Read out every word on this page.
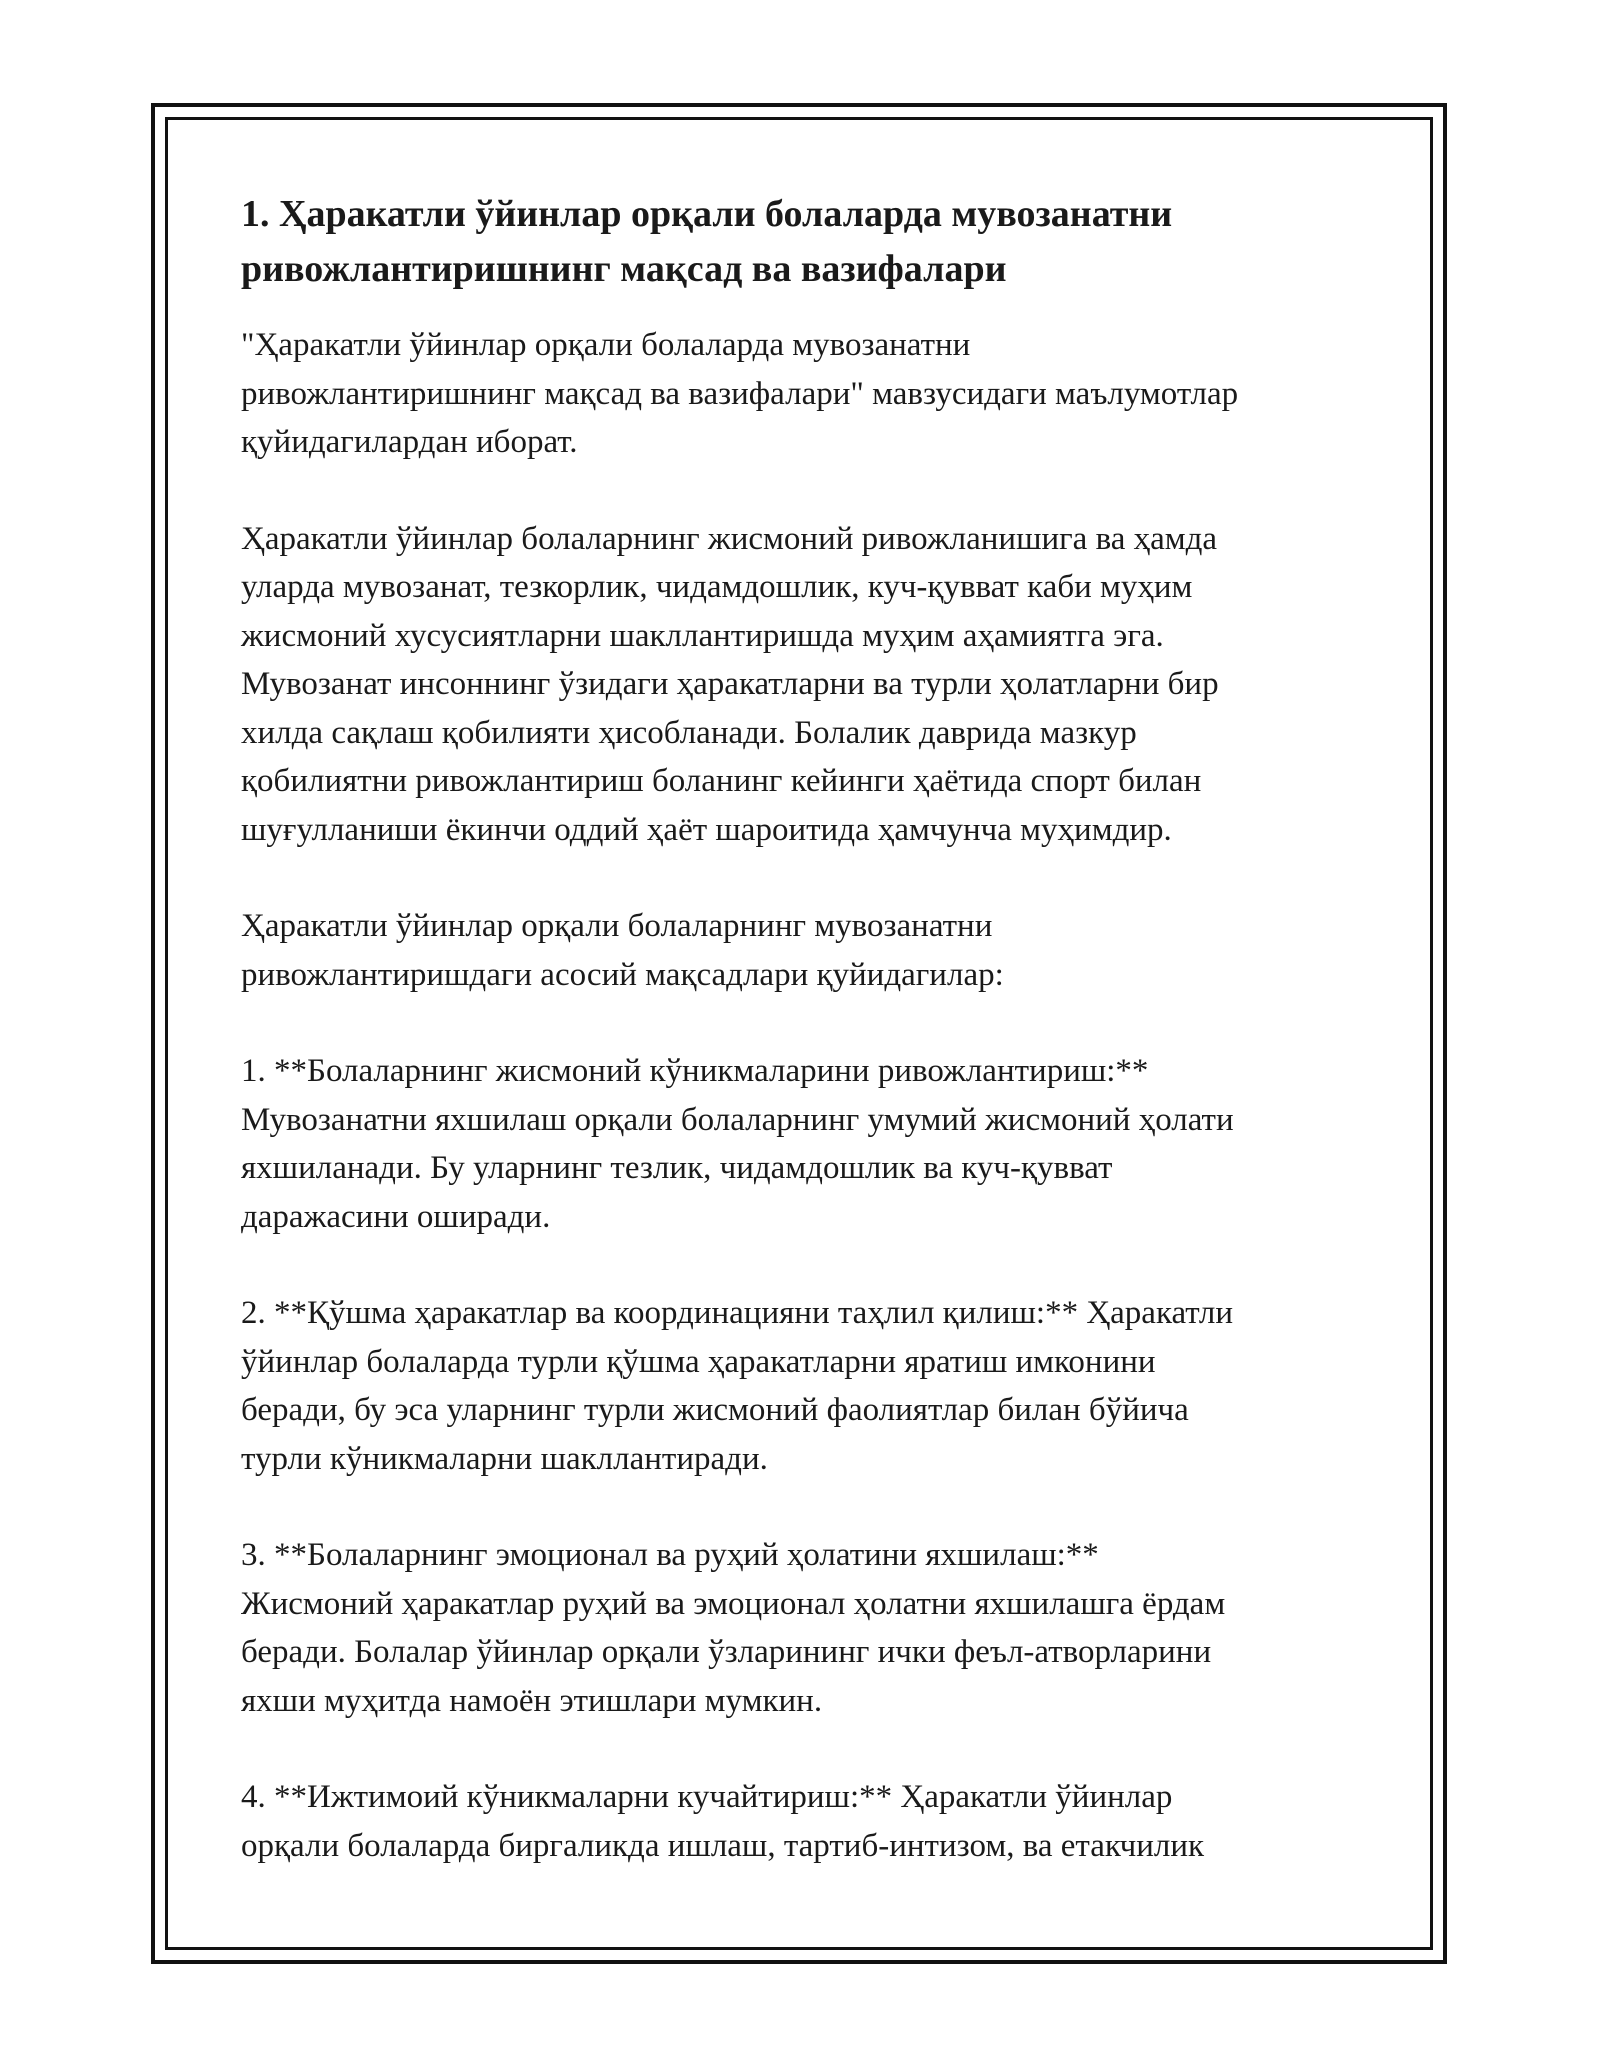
1. Ҳаракатли ўйинлар орқали болаларда мувозанатни ривожлантиришнинг мақсад ва вазифалари

"Ҳаракатли ўйинлар орқали болаларда мувозанатни
ривожлантиришнинг мақсад ва вазифалари" мавзусидаги маълумотлар
қуйидагилардан иборат.

Ҳаракатли ўйинлар болаларнинг жисмоний ривожланишига ва ҳамда
уларда мувозанат, тезкорлик, чидамдошлик, куч-қувват каби муҳим
жисмоний хусусиятларни шакллантиришда муҳим аҳамиятга эга.
Мувозанат инсоннинг ўзидаги ҳаракатларни ва турли ҳолатларни бир
хилда сақлаш қобилияти ҳисобланади. Болалик даврида мазкур
қобилиятни ривожлантириш боланинг кейинги ҳаётида спорт билан
шуғулланиши ёкинчи оддий ҳаёт шароитида ҳамчунча муҳимдир.

Ҳаракатли ўйинлар орқали болаларнинг мувозанатни
ривожлантиришдаги асосий мақсадлари қуйидагилар:

1. **Болаларнинг жисмоний кўникмаларини ривожлантириш:**
Мувозанатни яхшилаш орқали болаларнинг умумий жисмоний ҳолати
яхшиланади. Бу уларнинг тезлик, чидамдошлик ва куч-қувват
даражасини оширади.

2. **Қўшма ҳаракатлар ва координацияни таҳлил қилиш:** Ҳаракатли
ўйинлар болаларда турли қўшма ҳаракатларни яратиш имконини
беради, бу эса уларнинг турли жисмоний фаолиятлар билан бўйича
турли кўникмаларни шакллантиради.

3. **Болаларнинг эмоционал ва руҳий ҳолатини яхшилаш:**
Жисмоний ҳаракатлар руҳий ва эмоционал ҳолатни яхшилашга ёрдам
беради. Болалар ўйинлар орқали ўзларининг ички феъл-атворларини
яхши муҳитда намоён этишлари мумкин.

4. **Ижтимоий кўникмаларни кучайтириш:** Ҳаракатли ўйинлар
орқали болаларда биргаликда ишлаш, тартиб-интизом, ва етакчилик
